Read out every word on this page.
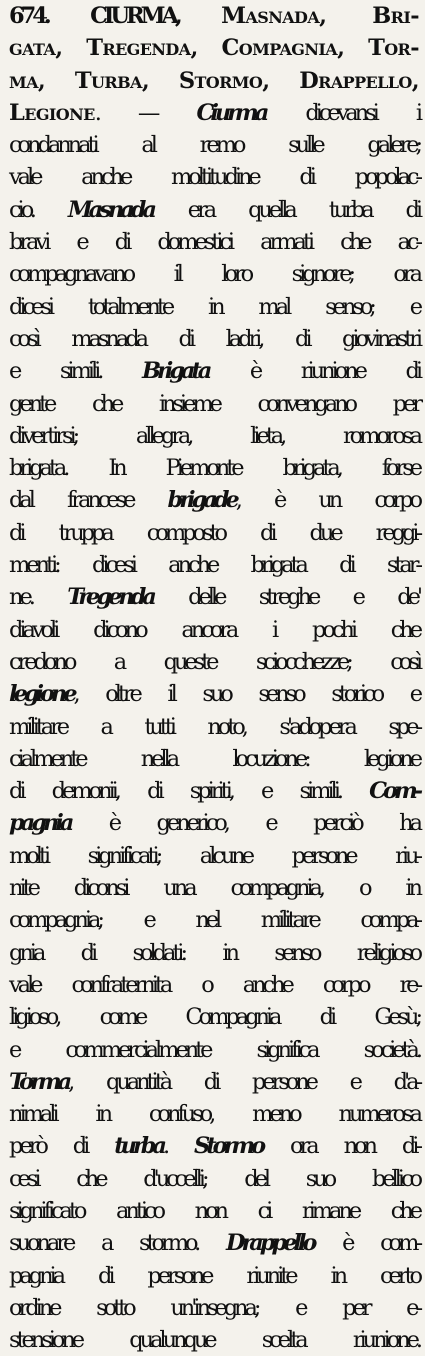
674. CIURMA, Masnada, Bri-
gata, Tregenda, Compagnia, Tor-
ma, Turba, Stormo, Drappello,
Legione. — Ciurma dicevansi i
condannati al remo sulle galere;
vale anche moltitudine di popolac-
cio. Masnada era quella turba di
bravi e di domestici armati che ac-
compagnavano il loro signore; ora
dicesi totalmente in mal senso; e
così masnada di ladri, di giovinastri
e simili. Brigata è riunione di
gente che insieme convengano per
divertirsi; allegra, lieta, romorosa
brigata. In Piemonte brigata, forse
dal francese brigade, è un corpo
di truppa composto di due reggi-
menti: dicesi anche brigata di star-
ne. Tregenda delle streghe e de'
diavoli dicono ancora i pochi che
credono a queste sciocchezze; così
legione, oltre il suo senso storico e
militare a tutti noto, s'adopera spe-
cialmente nella locuzione: legione
di demonii, di spiriti, e simili. Com-
pagnia è generico, e perciò ha
molti significati; alcune persone riu-
nite diconsi una compagnia, o in
compagnia; e nel militare compa-
gnia di soldati: in senso religioso
vale confraternita o anche corpo re-
ligioso, come Compagnia di Gesù;
e commercialmente significa società.
Torma, quantità di persone e d'a-
nimali in confuso, meno numerosa
però di turba. Stormo ora non di-
cesi che d'uccelli; del suo bellico
significato antico non ci rimane che
suonare a stormo. Drappello è com-
pagnia di persone riunite in certo
ordine sotto un'insegna; e per e-
stensione qualunque scelta riunione.
